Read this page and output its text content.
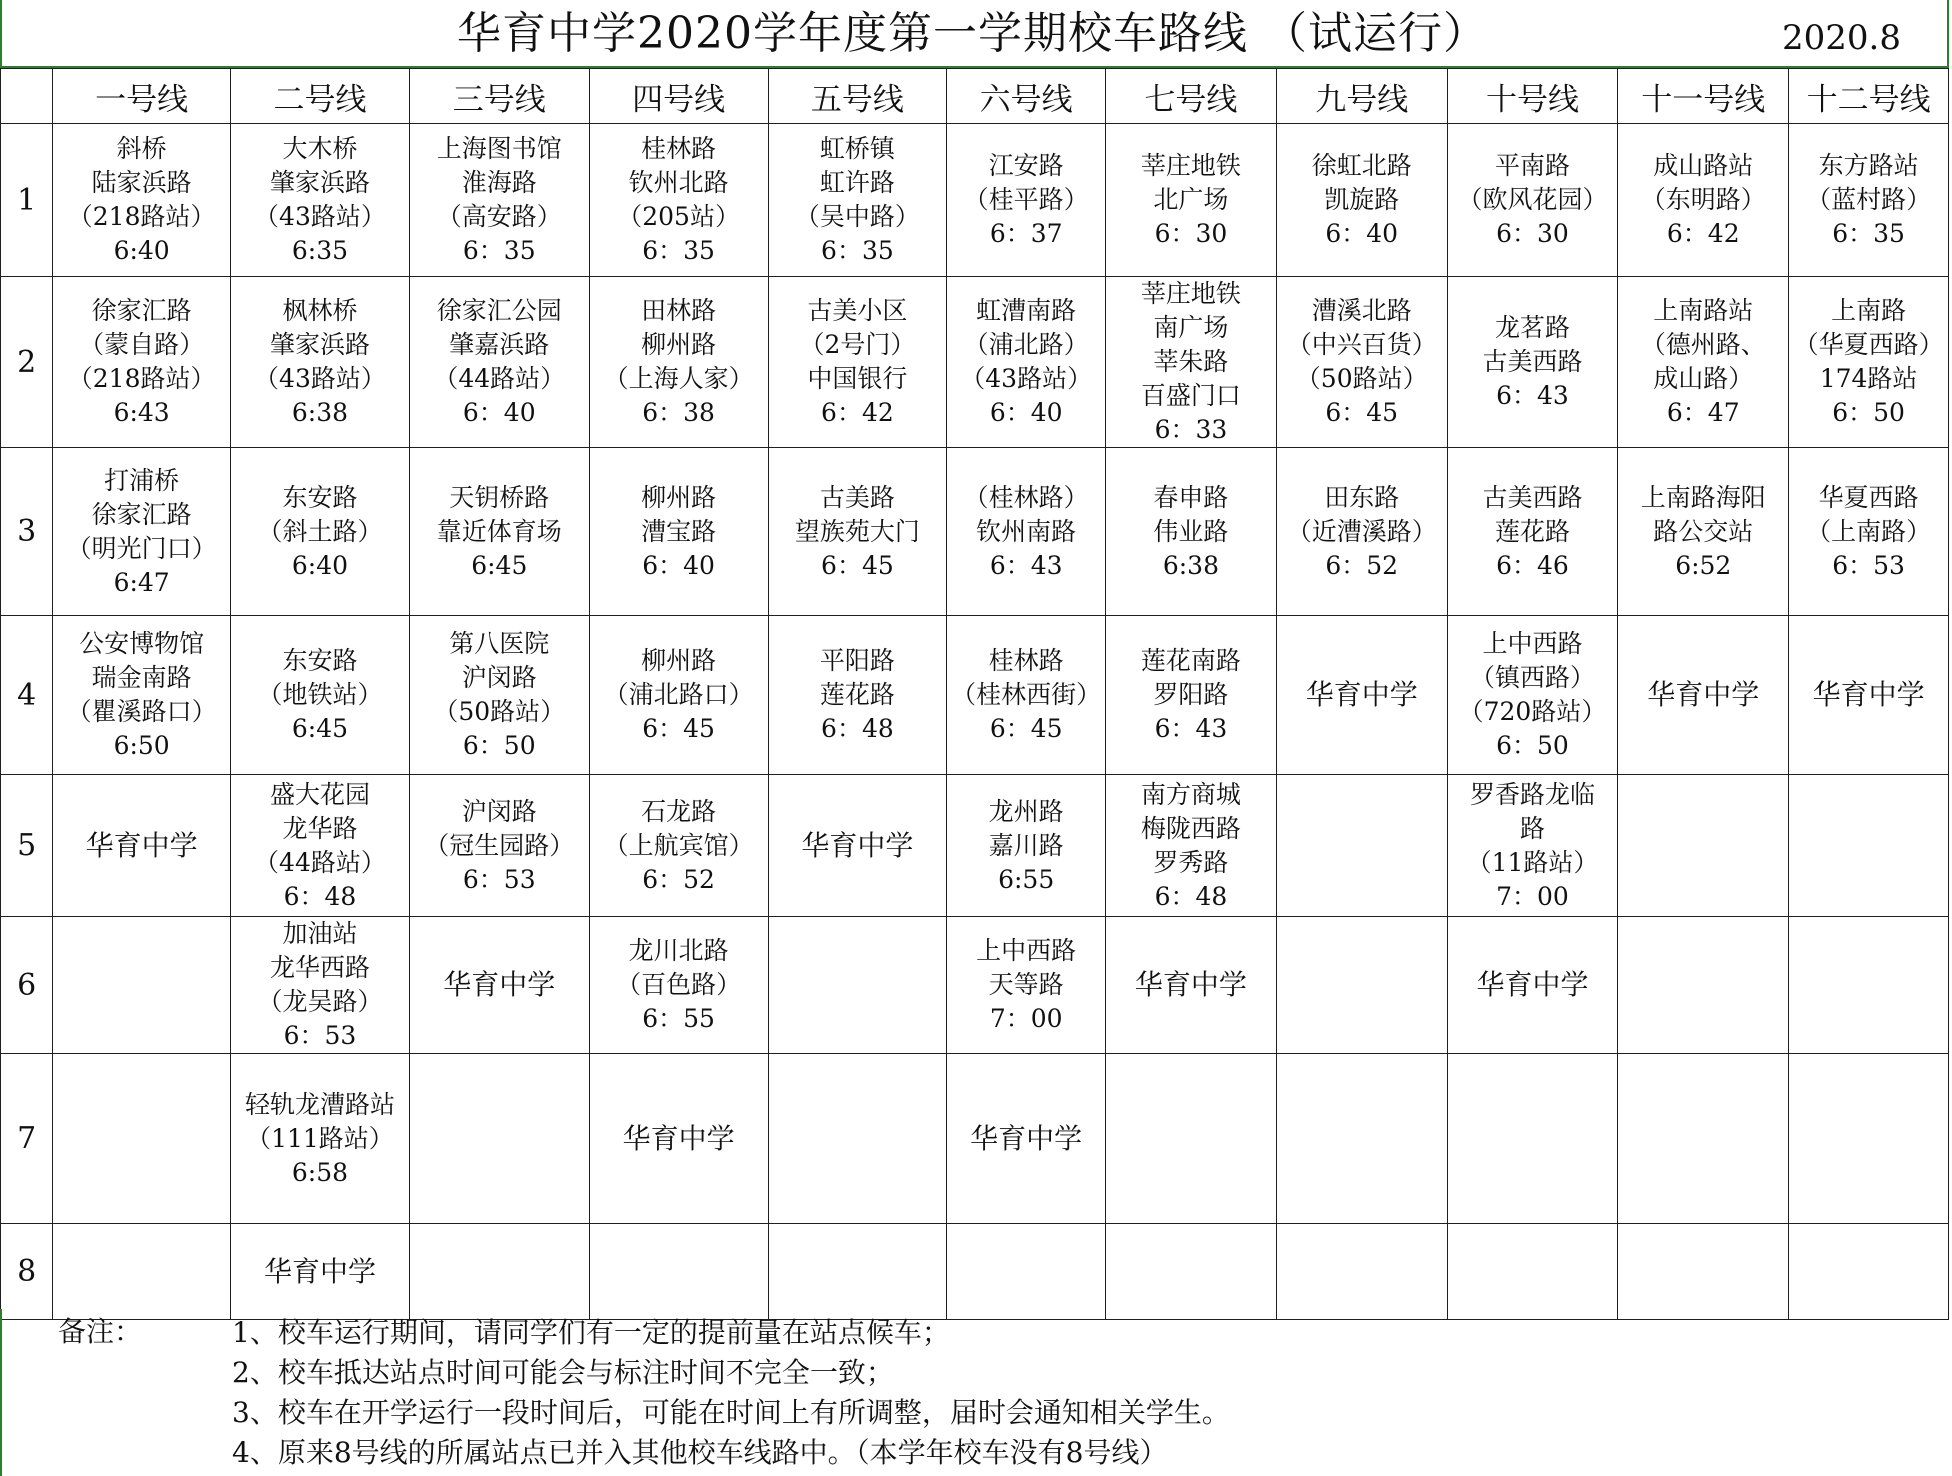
华育中学2020学年度第一学期校车路线 （试运行）	2020.8
	一号线	二号线	三号线	四号线	五号线	六号线	七号线	九号线	十号线	十一号线	十二号线
1	斜桥
陆家浜路
（218路站）
6:40	大木桥
肇家浜路
（43路站）
6:35	上海图书馆
淮海路
（高安路）
6：35	桂林路
钦州北路
（205站）
6：35	虹桥镇
虹许路
（吴中路）
6：35	江安路
（桂平路）
6：37	莘庄地铁
北广场
6：30	徐虹北路
凯旋路
6：40	平南路
（欧风花园）
6：30	成山路站
（东明路）
6：42	东方路站
（蓝村路）
6：35
2	徐家汇路
（蒙自路）
（218路站）
6:43	枫林桥
肇家浜路
（43路站）
6:38	徐家汇公园
肇嘉浜路
（44路站）
6：40	田林路
柳州路
（上海人家）
6：38	古美小区
（2号门）
中国银行
6：42	虹漕南路
（浦北路）
（43路站）
6：40	莘庄地铁
南广场
莘朱路
百盛门口
6：33	漕溪北路
（中兴百货）
（50路站）
6：45	龙茗路
古美西路
6：43	上南路站
（德州路、
成山路）
6：47	上南路
（华夏西路）
174路站
6：50
3	打浦桥
徐家汇路
（明光门口）
6:47	东安路
（斜土路）
6:40	天钥桥路
靠近体育场
6:45	柳州路
漕宝路
6：40	古美路
望族苑大门
6：45	（桂林路）
钦州南路
6：43	春申路
伟业路
6:38	田东路
（近漕溪路）
6：52	古美西路
莲花路
6：46	上南路海阳
路公交站
6:52	华夏西路
（上南路）
6：53
4	公安博物馆
瑞金南路
（瞿溪路口）
6:50	东安路
（地铁站）
6:45	第八医院
沪闵路
（50路站）
6：50	柳州路
（浦北路口）
6：45	平阳路
莲花路
6：48	桂林路
（桂林西街）
6：45	莲花南路
罗阳路
6：43	华育中学	上中西路
（镇西路）
（720路站）
6：50	华育中学	华育中学
5	华育中学	盛大花园
龙华路
（44路站）
6：48	沪闵路
（冠生园路）
6：53	石龙路
（上航宾馆）
6：52	华育中学	龙州路
嘉川路
6:55	南方商城
梅陇西路
罗秀路
6：48		罗香路龙临
路
（11路站）
7：00		
6		加油站
龙华西路
（龙吴路）
6：53	华育中学	龙川北路
（百色路）
6：55		上中西路
天等路
7：00	华育中学		华育中学		
7		轻轨龙漕路站
（111路站）
6:58		华育中学		华育中学					
8		华育中学									
备注：	1、校车运行期间，请同学们有一定的提前量在站点候车；
2、校车抵达站点时间可能会与标注时间不完全一致；
3、校车在开学运行一段时间后，可能在时间上有所调整，届时会通知相关学生。
4、原来8号线的所属站点已并入其他校车线路中。（本学年校车没有8号线）
